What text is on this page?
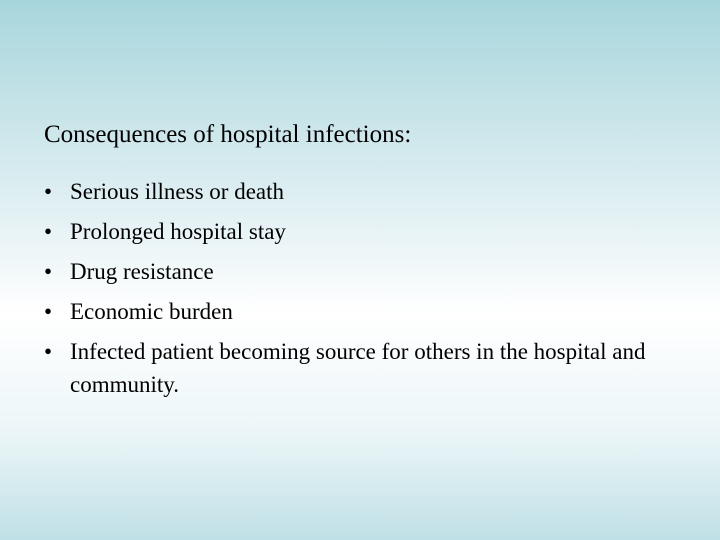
Consequences of hospital infections:
• Serious illness or death
• Prolonged hospital stay
• Drug resistance
• Economic burden
• Infected patient becoming source for others in the hospital and community.
